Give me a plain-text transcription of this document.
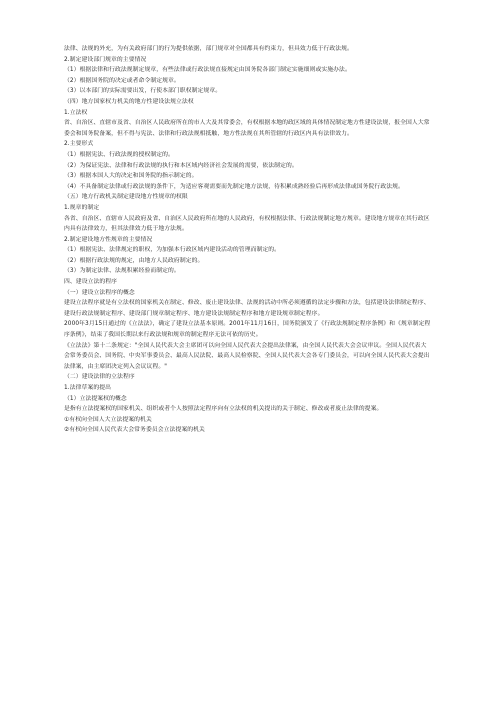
法律、法规的外充，为有关政府部门的行为提供依据，部门规章对全国都具有约束力，但具效力低于行政法规。

2.制定建设部门规章的主要情况

（1）根据法律和行政法规制定规章，有些法律或行政法规直接规定由国务院各部门制定实施细则或实施办法。

（2）根据国务院的决定或者命令制定规章。

（3）以本部门的实际需要出发，行使本部门职权制定规章。

（四）地方国家权力机关的地方性建设法规立法权

1.立法权

省、自治区、直辖市及省、自治区人民政府所在的市人大及其常委会，有权根据本地的政区域的具体情况制定地方性建设法规，报全国人大常委会和国务院备案，但不得与宪法、法律和行政法规相抵触，地方性法规在其所管辖的行政区内具有法律效力。

2.主要形式

（1）根据宪法、行政法规的授权制定的。

（2）为保证宪法、法律和行政法规的执行和本区域内经济社会发展的需要，依法制定的。

（3）根据本国人大的决定和国务院的指示制定的。

（4）不具备制定法律或行政法规的条件下，为适应客观需要而先制定地方法规，待积累成熟经验后再形成法律或国务院行政法规。

（五）地方行政机关制定建设地方性规章的权限

1.规章的制定

各省、自治区、直辖市人民政府及省、自治区人民政府所在地的人民政府，有权根据法律、行政法规制定地方规章。建设地方规章在其行政区内具有法律效力，但其法律效力低于地方法规。

2.制定建设地方性规章的主要情况

（1）根据宪法、法律规定的职权，为加强本行政区域内建设活动的管理而制定的。

（2）根据行政法规的规定，由地方人民政府制定的。

（3）为制定法律、法规积累经验而制定的。

四、建设立法的程序

（一）建设立法程序的概念

建设立法程序就是有立法权的国家机关在制定、修改、废止建设法律、法规的活动中所必须遵循的法定步骤和方法，包括建设法律制定程序、建设行政法规制定程序、建设部门规章制定程序、地方建设法规制定程序和地方建设规章制定程序。

2000年3月15日通过的《立法法》，确定了建设立法基本原则。2001年11月16日，国务院颁发了《行政法规制定程序条例》和《规章制定程序条例》，结束了我国长期以来行政法规和规章的制定程序无法可依的历史。

《立法法》第十二条规定："全国人民代表大会主席团可以向全国人民代表大会提出法律案，由全国人民代表大会会议审议。全国人民代表大会常务委员会、国务院、中央军事委员会、最高人民法院、最高人民检察院、全国人民代表大会各专门委员会，可以向全国人民代表大会提出法律案，由主席团决定列入会议议程。"

（二）建设法律的立法程序

1.法律草案的提出

（1）立法提案权的概念

是指有立法提案权的国家机关、组织或者个人按照法定程序向有立法权的机关提出的关于制定、修改或者废止法律的提案。

①有权向全国人大立法提案的机关

②有权向全国人民代表大会常务委员会立法提案的机关
